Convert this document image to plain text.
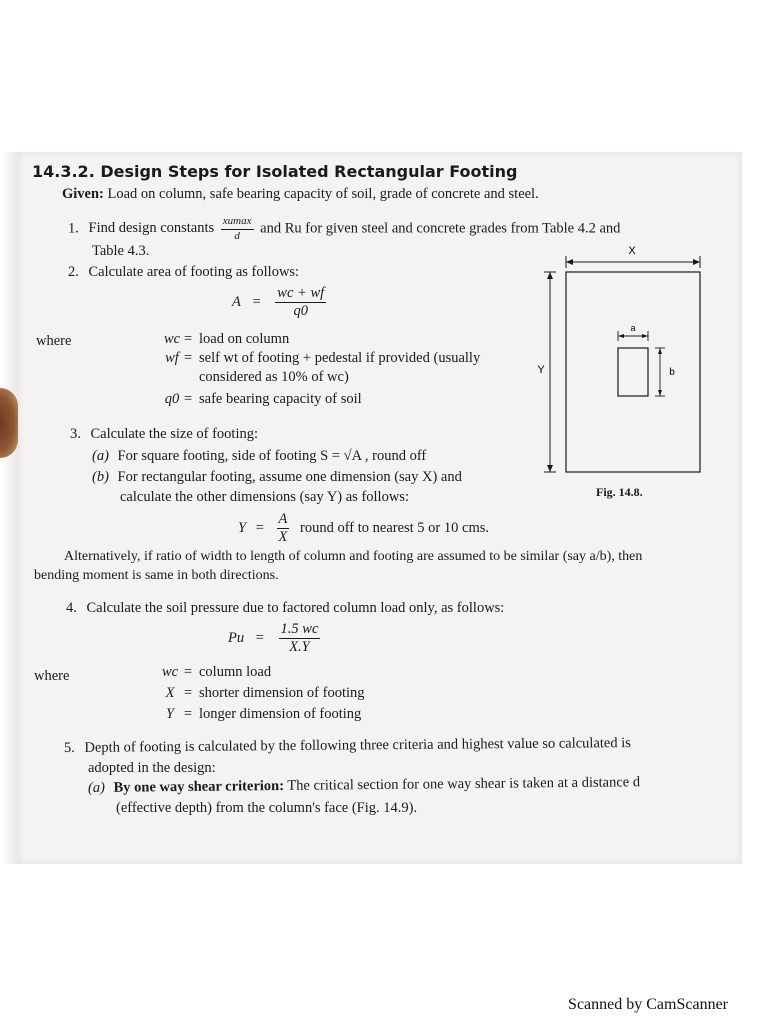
14.3.2. Design Steps for Isolated Rectangular Footing
Given: Load on column, safe bearing capacity of soil, grade of concrete and steel.
1. Find design constants $\frac{xumax}{d}$ and Ru for given steel and concrete grades from Table 4.2 and
Table 4.3.
2. Calculate area of footing as follows:
$A = \frac{wc + wf}{q0}$
where	wc = load on column
wf = self wt of footing + pedestal if provided (usually
considered as 10% of wc)
q0 = safe bearing capacity of soil
3. Calculate the size of footing:
(a) For square footing, side of footing S = √A , round off
(b) For rectangular footing, assume one dimension (say X) and
calculate the other dimensions (say Y) as follows:
$Y = \frac{A}{X}$ round off to nearest 5 or 10 cms.
Alternatively, if ratio of width to length of column and footing are assumed to be similar (say a/b), then
bending moment is same in both directions.
4. Calculate the soil pressure due to factored column load only, as follows:
$Pu = \frac{1.5 wc}{X.Y}$
where	wc = column load
X = shorter dimension of footing
Y = longer dimension of footing
5. Depth of footing is calculated by the following three criteria and highest value so calculated is
adopted in the design:
(a) By one way shear criterion: The critical section for one way shear is taken at a distance d
(effective depth) from the column's face (Fig. 14.9).
X
Y
a
b
Fig. 14.8.
Scanned by CamScanner
